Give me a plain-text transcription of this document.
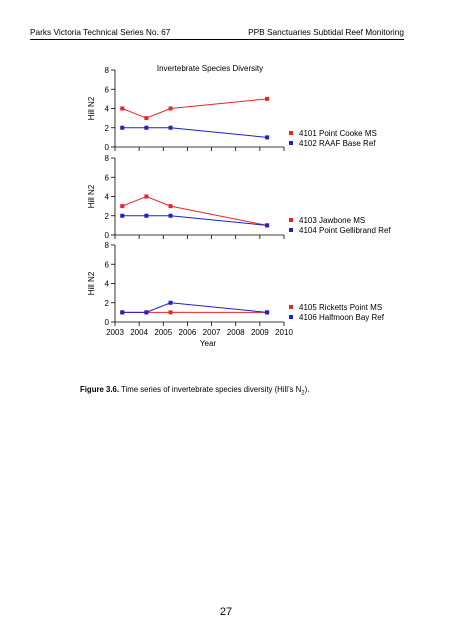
Parks Victoria Technical Series No. 67	PPB Sanctuaries Subtidal Reef Monitoring
Invertebrate Species Diversity
0
2
4
6
8
Hill N2
4101 Point Cooke MS
4102 RAAF Base Ref
0
2
4
6
8
Hill N2
4103 Jawbone MS
4104 Point Gellibrand Ref
0
2
4
6
8
Hill N2
2003 2004 2005 2006 2007 2008 2009 2010
Year
4105 Ricketts Point MS
4106 Halfmoon Bay Ref
Figure 3.6. Time series of invertebrate species diversity (Hill’s $N_2$).
27
